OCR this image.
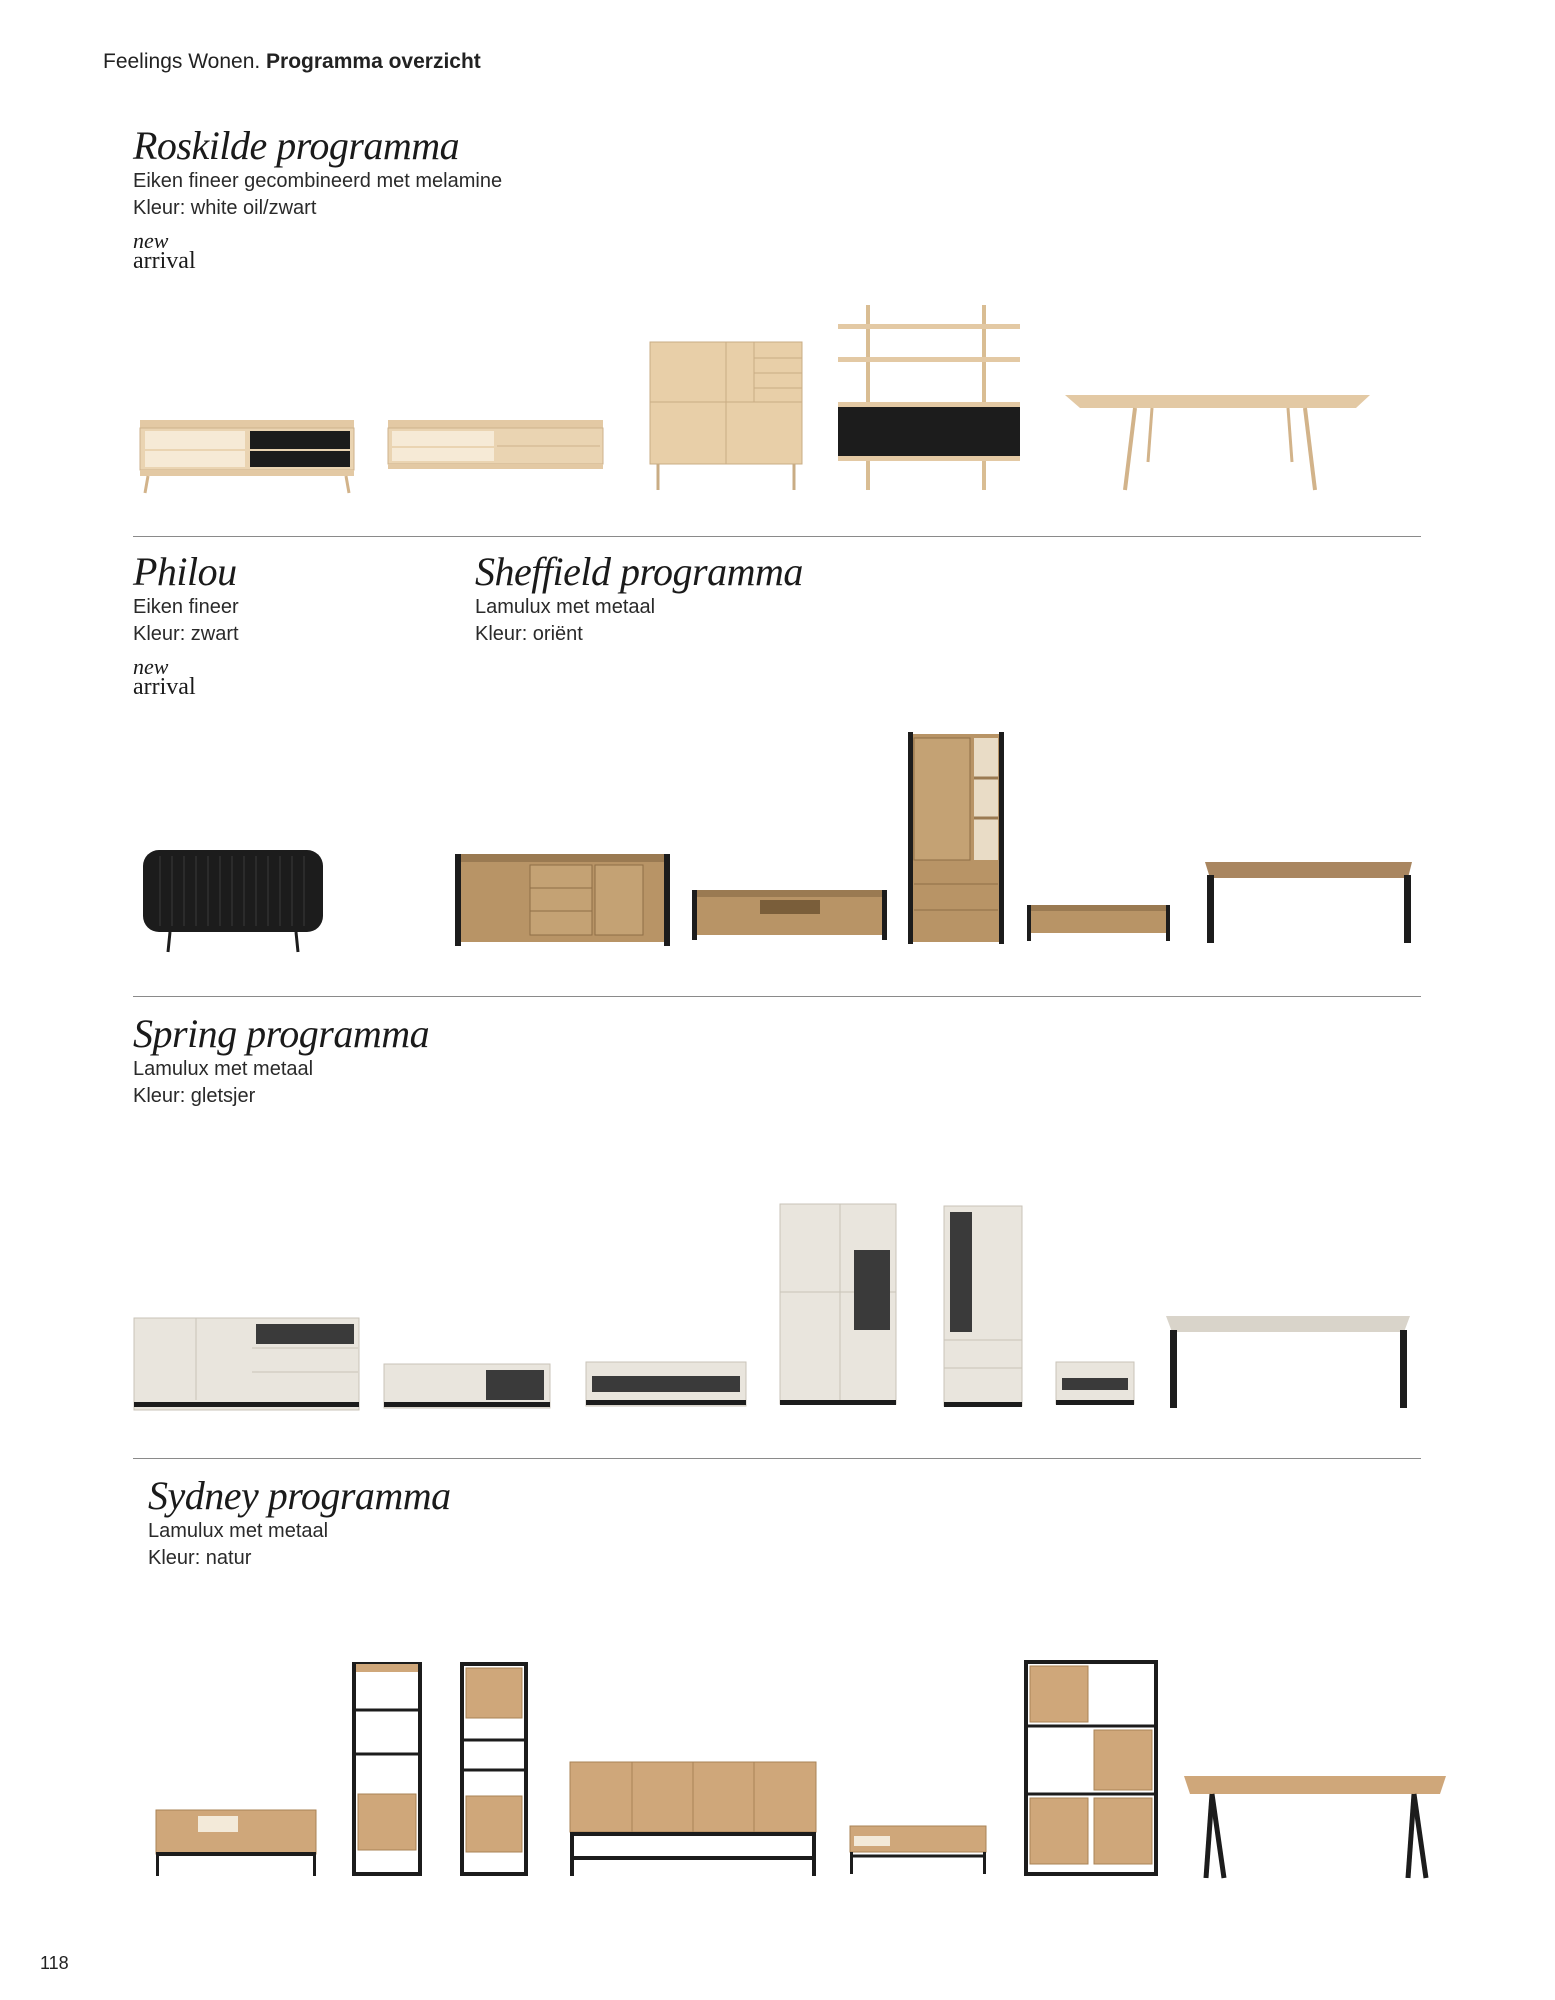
Feelings Wonen. Programma overzicht
Roskilde programma
Eiken fineer gecombineerd met melamine
Kleur: white oil/zwart
new
arrival
Philou
Eiken fineer
Kleur: zwart
new
arrival
Sheffield programma
Lamulux met metaal
Kleur: oriënt
Spring programma
Lamulux met metaal
Kleur: gletsjer
Sydney programma
Lamulux met metaal
Kleur: natur
118
